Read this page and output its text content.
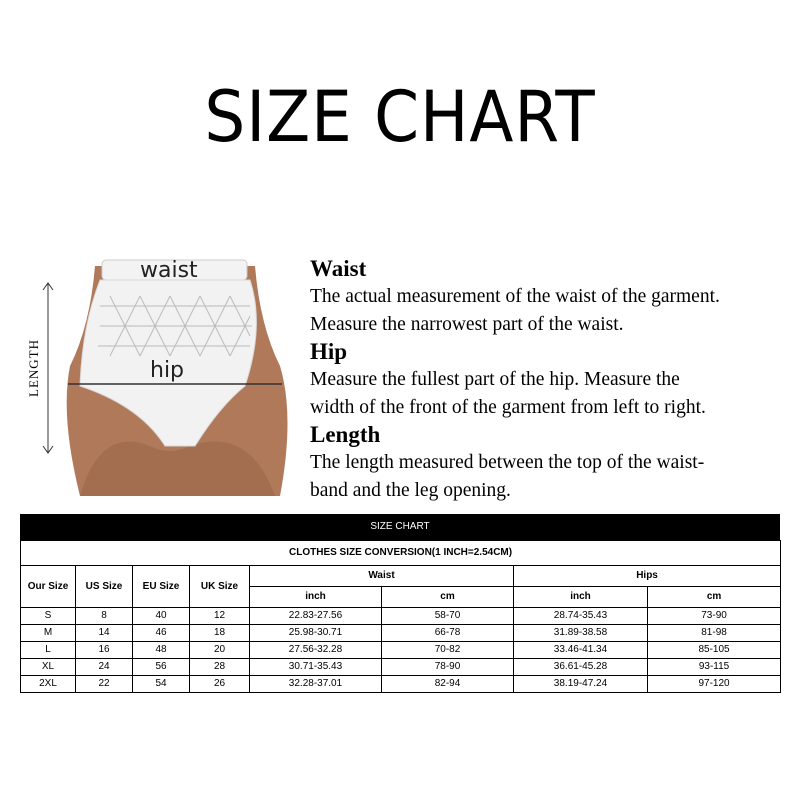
SIZE CHART
waist
hip
LENGTH

Waist

The actual measurement of the waist of the garment.

Measure the narrowest part of the waist.

Hip

Measure the fullest part of the hip. Measure the

width of the front of the garment from left to right.

Length

The length measured between the top of the waist-

band and the leg opening.

SIZE CHART
CLOTHES SIZE CONVERSION(1 INCH=2.54CM)							
Our Size	US Size	EU Size	UK Size	Waist		Hips	
				inch	cm	inch	cm
S	8	40	12	22.83-27.56	58-70	28.74-35.43	73-90
M	14	46	18	25.98-30.71	66-78	31.89-38.58	81-98
L	16	48	20	27.56-32.28	70-82	33.46-41.34	85-105
XL	24	56	28	30.71-35.43	78-90	36.61-45.28	93-115
2XL	22	54	26	32.28-37.01	82-94	38.19-47.24	97-120
